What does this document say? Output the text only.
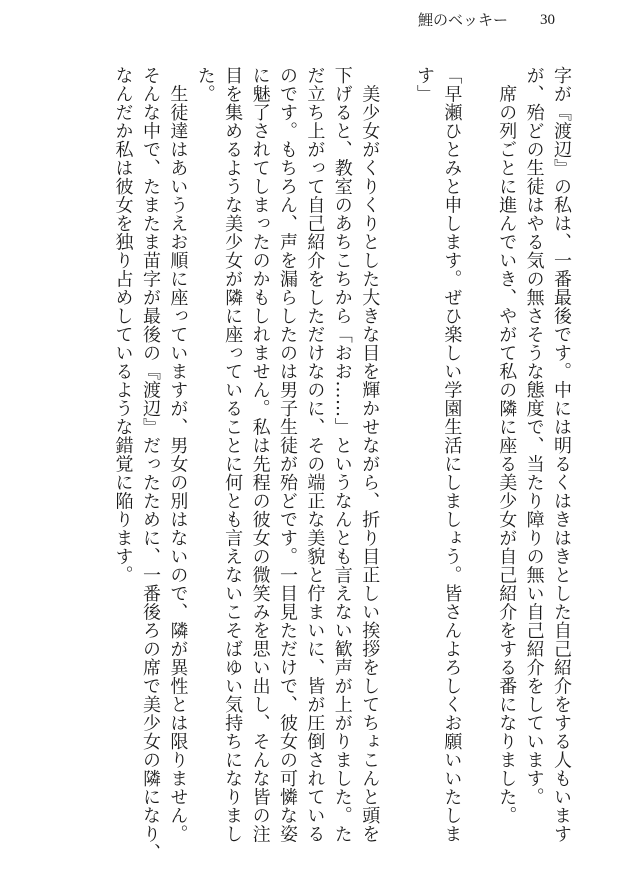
鯉のベッキー 30
字が『渡辺』の私は、一番最後です。中には明るくはきはきとした自己紹介をする人もいます
が、殆どの生徒はやる気の無さそうな態度で、当たり障りの無い自己紹介をしています。
　席の列ごとに進んでいき、やがて私の隣に座る美少女が自己紹介をする番になりました。
「早瀬ひとみと申します。ぜひ楽しい学園生活にしましょう。皆さんよろしくお願いいたしま
す」
　美少女がくりくりとした大きな目を輝かせながら、折り目正しい挨拶をしてちょこんと頭を
下げると、教室のあちこちから「おお……」というなんとも言えない歓声が上がりました。た
だ立ち上がって自己紹介をしただけなのに、その端正な美貌と佇まいに、皆が圧倒されている
のです。もちろん、声を漏らしたのは男子生徒が殆どです。一目見ただけで、彼女の可憐な姿
に魅了されてしまったのかもしれません。私は先程の彼女の微笑みを思い出し、そんな皆の注
目を集めるような美少女が隣に座っていることに何とも言えないこそばゆい気持ちになりまし
た。
　生徒達はあいうえお順に座っていますが、男女の別はないので、隣が異性とは限りません。
そんな中で、たまたま苗字が最後の『渡辺』だったために、一番後ろの席で美少女の隣になり、
なんだか私は彼女を独り占めしているような錯覚に陥ります。
